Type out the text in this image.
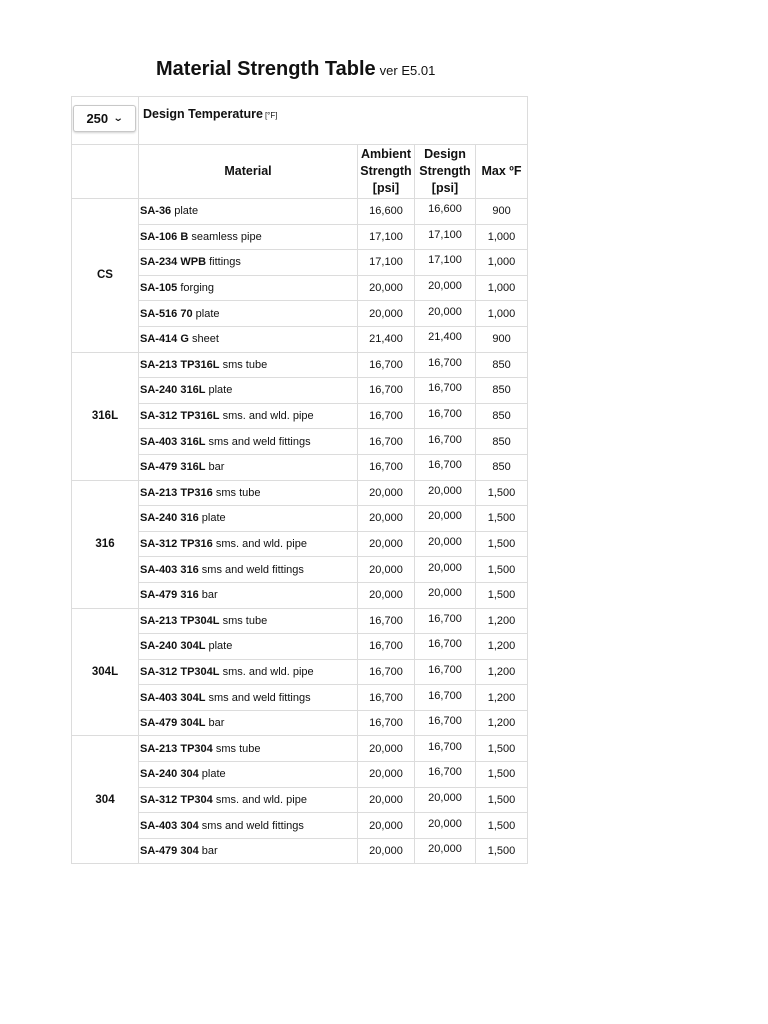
Material Strength Table ver E5.01
250 ⌄	Design Temperature [°F]			
	Material	Ambient
Strength
[psi]	Design
Strength
[psi]	Max ºF
CS	SA-36 plate	16,600	16,600	900
	SA-106 B seamless pipe	17,100	17,100	1,000
	SA-234 WPB fittings	17,100	17,100	1,000
	SA-105 forging	20,000	20,000	1,000
	SA-516 70 plate	20,000	20,000	1,000
	SA-414 G sheet	21,400	21,400	900
316L	SA-213 TP316L sms tube	16,700	16,700	850
	SA-240 316L plate	16,700	16,700	850
	SA-312 TP316L sms. and wld. pipe	16,700	16,700	850
	SA-403 316L sms and weld fittings	16,700	16,700	850
	SA-479 316L bar	16,700	16,700	850
316	SA-213 TP316 sms tube	20,000	20,000	1,500
	SA-240 316 plate	20,000	20,000	1,500
	SA-312 TP316 sms. and wld. pipe	20,000	20,000	1,500
	SA-403 316 sms and weld fittings	20,000	20,000	1,500
	SA-479 316 bar	20,000	20,000	1,500
304L	SA-213 TP304L sms tube	16,700	16,700	1,200
	SA-240 304L plate	16,700	16,700	1,200
	SA-312 TP304L sms. and wld. pipe	16,700	16,700	1,200
	SA-403 304L sms and weld fittings	16,700	16,700	1,200
	SA-479 304L bar	16,700	16,700	1,200
304	SA-213 TP304 sms tube	20,000	16,700	1,500
	SA-240 304 plate	20,000	16,700	1,500
	SA-312 TP304 sms. and wld. pipe	20,000	20,000	1,500
	SA-403 304 sms and weld fittings	20,000	20,000	1,500
	SA-479 304 bar	20,000	20,000	1,500
